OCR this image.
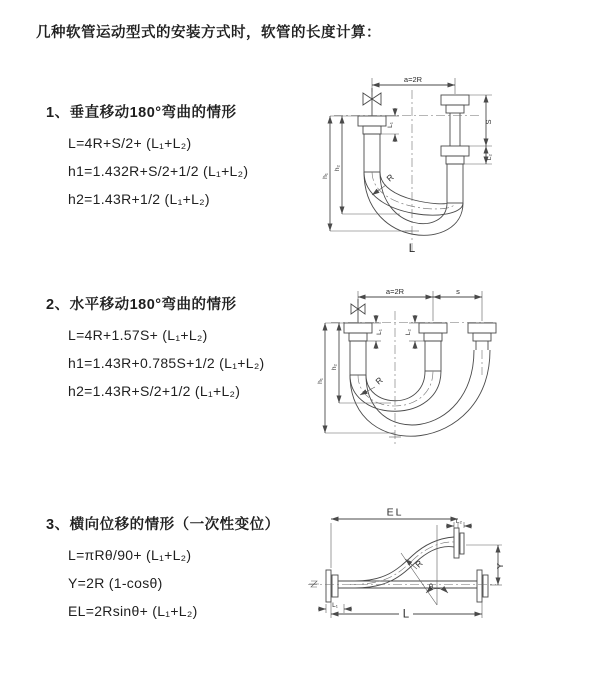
几种软管运动型式的安装方式时，软管的长度计算：
1、垂直移动180°弯曲的情形
L=4R+S/2+ (L₁+L₂)
h1=1.432R+S/2+1/2 (L₁+L₂)
h2=1.43R+1/2 (L₁+L₂)
2、水平移动180°弯曲的情形
L=4R+1.57S+ (L₁+L₂)
h1=1.43R+0.785S+1/2 (L₁+L₂)
h2=1.43R+S/2+1/2 (L₁+L₂)
3、横向位移的情形（一次性变位）
L=πRθ/90+ (L₁+L₂)
Y=2R (1-cosθ)
EL=2Rsinθ+ (L₁+L₂)
a=2R
h₁
h₂
L₁
S
L₂
R
L
a=2R	s
h₁
h₂
L₁	L₂
R
EL
L₂
θ
R	Y
L₁
L
